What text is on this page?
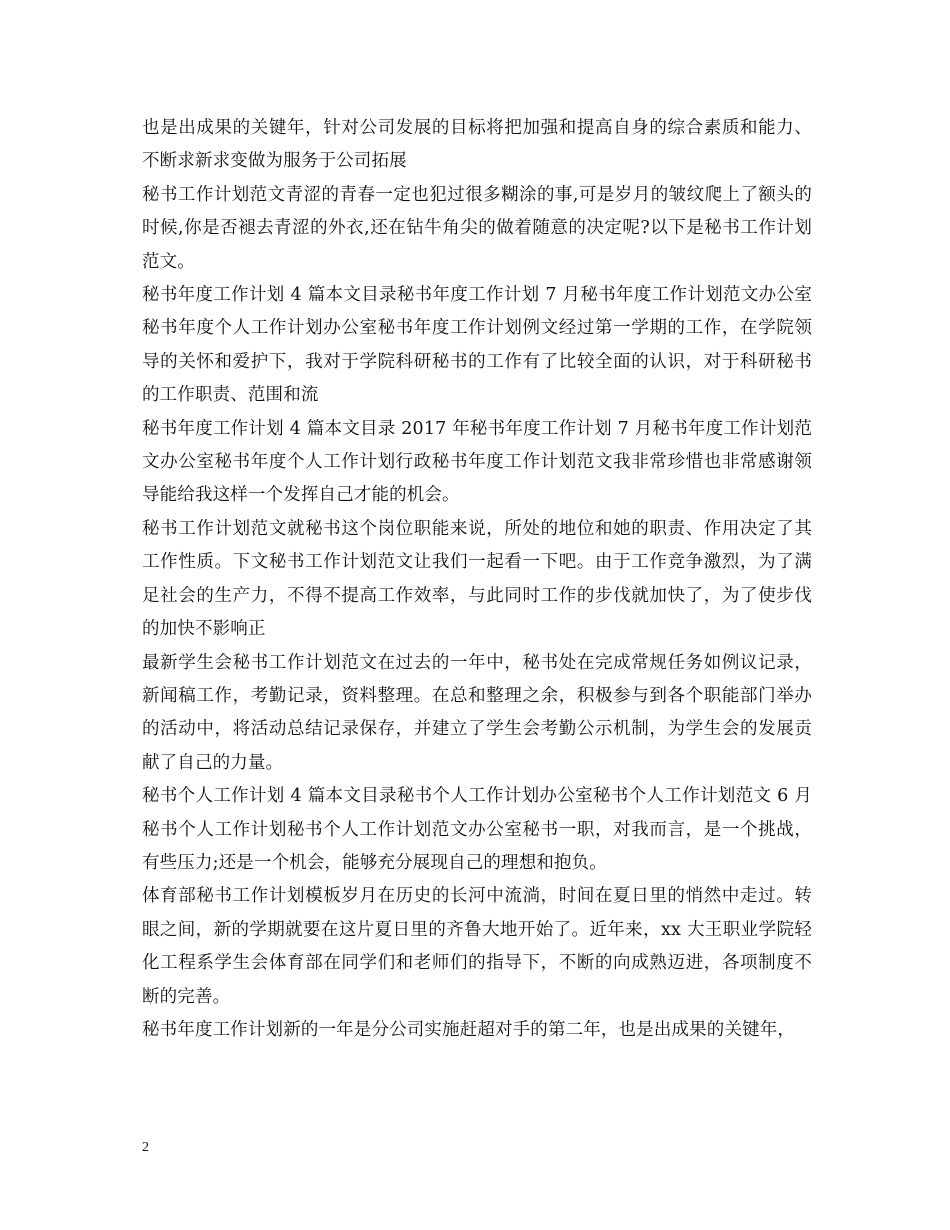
也是出成果的关键年，针对公司发展的目标将把加强和提高自身的综合素质和能力、不断求新求变做为服务于公司拓展

秘书工作计划范文青涩的青春一定也犯过很多糊涂的事,可是岁月的皱纹爬上了额头的时候,你是否褪去青涩的外衣,还在钻牛角尖的做着随意的决定呢?以下是秘书工作计划范文。

秘书年度工作计划 4 篇本文目录秘书年度工作计划 7 月秘书年度工作计划范文办公室秘书年度个人工作计划办公室秘书年度工作计划例文经过第一学期的工作，在学院领导的关怀和爱护下，我对于学院科研秘书的工作有了比较全面的认识，对于科研秘书的工作职责、范围和流

秘书年度工作计划 4 篇本文目录 2017 年秘书年度工作计划 7 月秘书年度工作计划范文办公室秘书年度个人工作计划行政秘书年度工作计划范文我非常珍惜也非常感谢领导能给我这样一个发挥自己才能的机会。

秘书工作计划范文就秘书这个岗位职能来说，所处的地位和她的职责、作用决定了其工作性质。下文秘书工作计划范文让我们一起看一下吧。由于工作竞争激烈，为了满足社会的生产力，不得不提高工作效率，与此同时工作的步伐就加快了，为了使步伐的加快不影响正

最新学生会秘书工作计划范文在过去的一年中，秘书处在完成常规任务如例议记录，新闻稿工作，考勤记录，资料整理。在总和整理之余，积极参与到各个职能部门举办的活动中，将活动总结记录保存，并建立了学生会考勤公示机制，为学生会的发展贡献了自己的力量。

秘书个人工作计划 4 篇本文目录秘书个人工作计划办公室秘书个人工作计划范文 6 月秘书个人工作计划秘书个人工作计划范文办公室秘书一职，对我而言，是一个挑战，有些压力;还是一个机会，能够充分展现自己的理想和抱负。

体育部秘书工作计划模板岁月在历史的长河中流淌，时间在夏日里的悄然中走过。转眼之间，新的学期就要在这片夏日里的齐鲁大地开始了。近年来，xx 大王职业学院轻化工程系学生会体育部在同学们和老师们的指导下，不断的向成熟迈进，各项制度不断的完善。

秘书年度工作计划新的一年是分公司实施赶超对手的第二年，也是出成果的关键年，

2
